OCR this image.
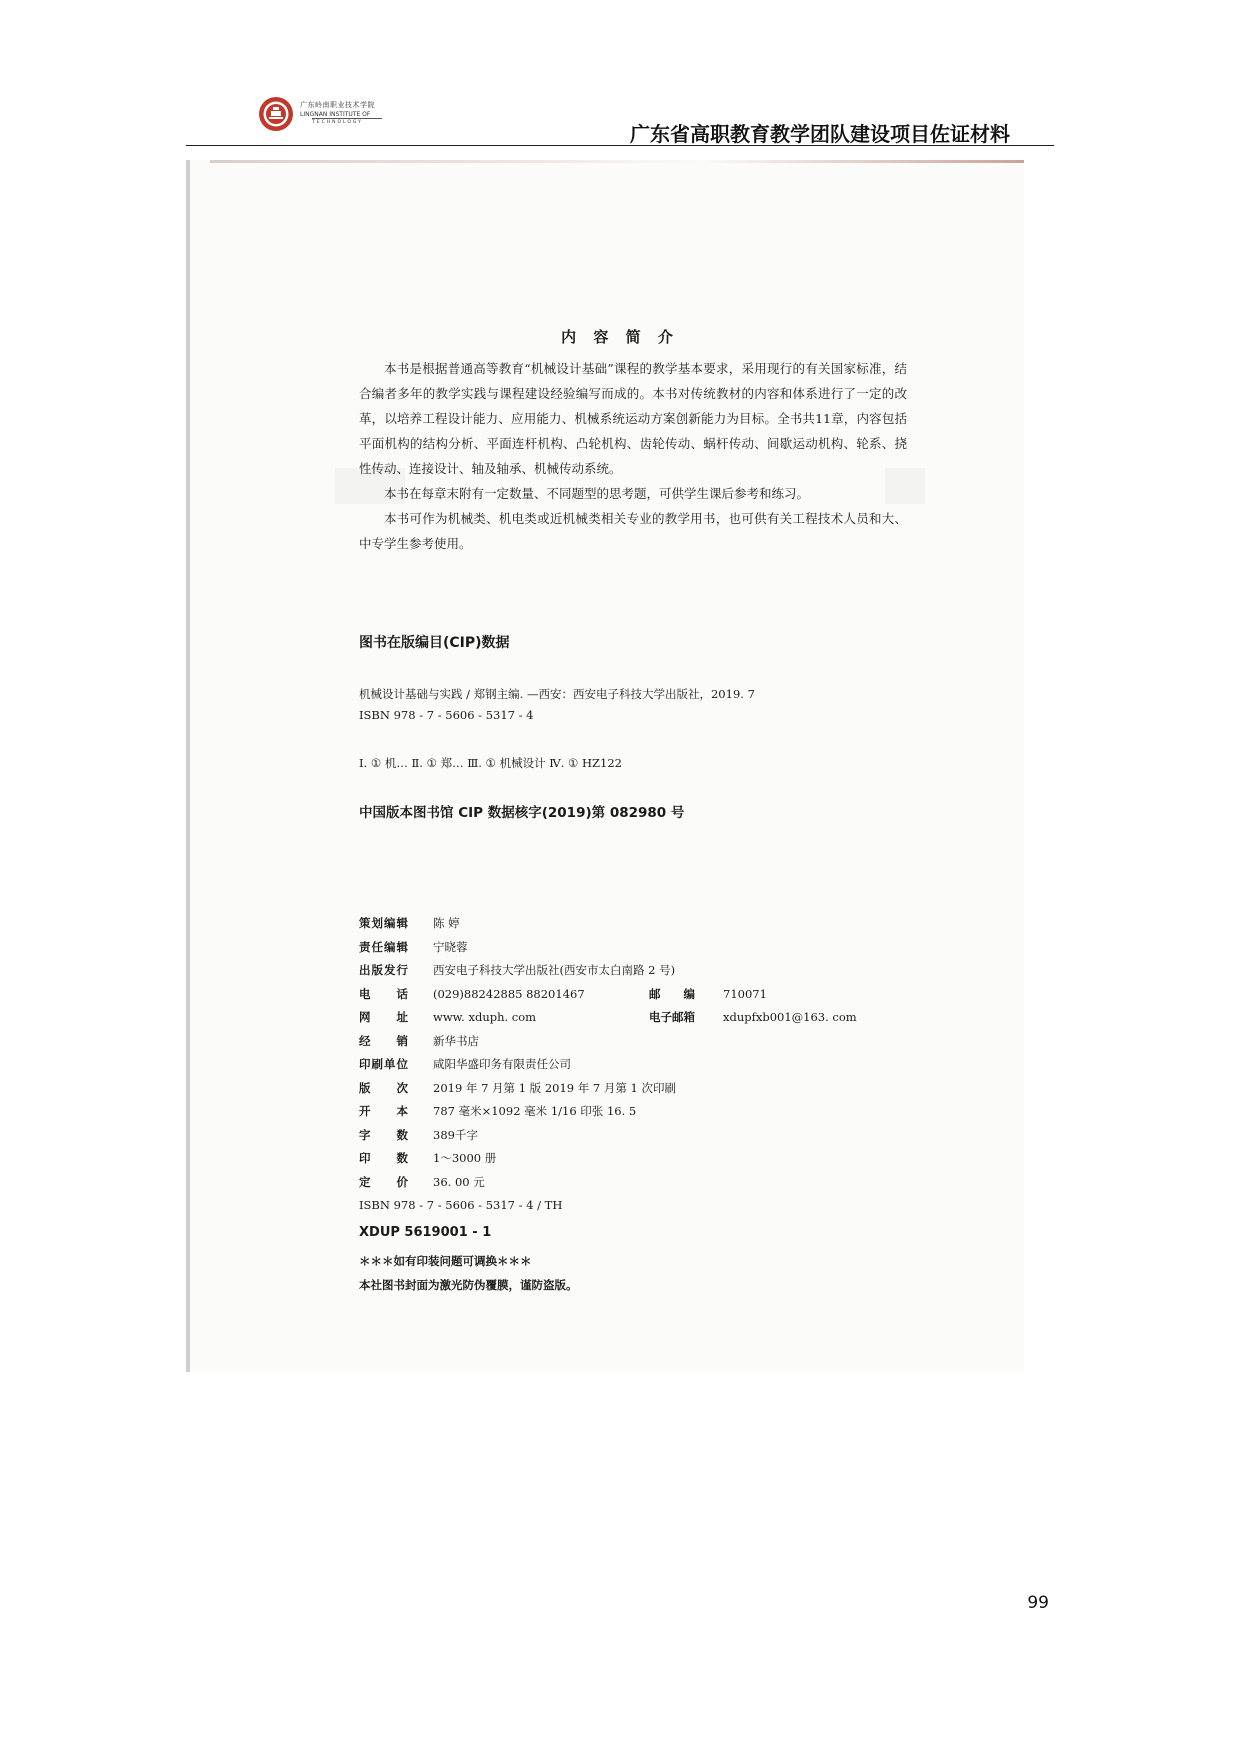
广东岭南职业技术学院
LINGNAN INSTITUTE OF
TECHNOLOGY	广东省高职教育教学团队建设项目佐证材料
内 容 简 介

本书是根据普通高等教育“机械设计基础”课程的教学基本要求，采用现行的有关国家标准，结合编者多年的教学实践与课程建设经验编写而成的。本书对传统教材的内容和体系进行了一定的改革，以培养工程设计能力、应用能力、机械系统运动方案创新能力为目标。全书共11章，内容包括平面机构的结构分析、平面连杆机构、凸轮机构、齿轮传动、蜗杆传动、间歇运动机构、轮系、挠性传动、连接设计、轴及轴承、机械传动系统。

本书在每章末附有一定数量、不同题型的思考题，可供学生课后参考和练习。

本书可作为机械类、机电类或近机械类相关专业的教学用书，也可供有关工程技术人员和大、中专学生参考使用。

图书在版编目(CIP)数据
机械设计基础与实践 / 郑钢主编. —西安：西安电子科技大学出版社，2019. 7
ISBN 978 - 7 - 5606 - 5317 - 4
Ⅰ. ① 机… Ⅱ. ① 郑… Ⅲ. ① 机械设计 Ⅳ. ① HZ122
中国版本图书馆 CIP 数据核字(2019)第 082980 号
策划编辑 陈 婷
责任编辑 宁晓蓉
出版发行 西安电子科技大学出版社(西安市太白南路 2 号)
电　　话 (029)88242885 88201467	邮　　编	710071
网　　址 www. xduph. com	电子邮箱	xdupfxb001@163. com
经　　销 新华书店
印刷单位 咸阳华盛印务有限责任公司
版　　次 2019 年 7 月第 1 版 2019 年 7 月第 1 次印刷
开　　本 787 毫米×1092 毫米 1/16 印张 16. 5
字　　数 389千字
印　　数 1～3000 册
定　　价 36. 00 元
ISBN 978 - 7 - 5606 - 5317 - 4 / TH
XDUP 5619001 - 1
＊＊＊如有印装问题可调换＊＊＊
本社图书封面为激光防伪覆膜，谨防盗版。
99
